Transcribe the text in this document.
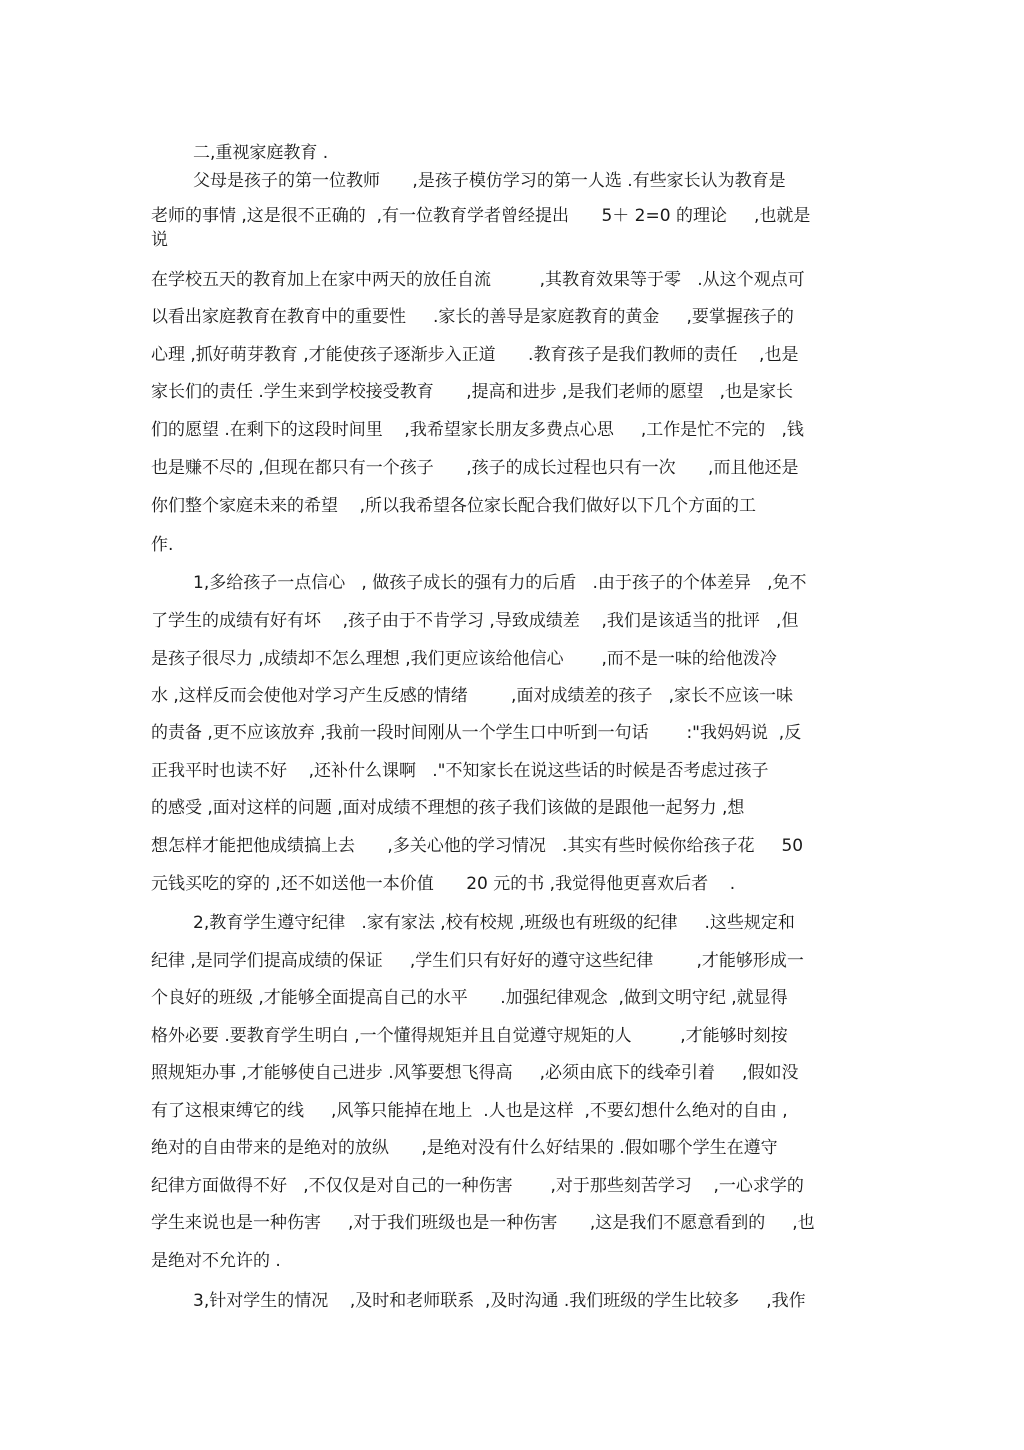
二,重视家庭教育 .
父母是孩子的第一位教师      ,是孩子模仿学习的第一人选 .有些家长认为教育是
老师的事情 ,这是很不正确的  ,有一位教育学者曾经提出      5＋ 2=0 的理论     ,也就是
说
在学校五天的教育加上在家中两天的放任自流         ,其教育效果等于零   .从这个观点可
以看出家庭教育在教育中的重要性     .家长的善导是家庭教育的黄金     ,要掌握孩子的
心理 ,抓好萌芽教育 ,才能使孩子逐渐步入正道      .教育孩子是我们教师的责任    ,也是
家长们的责任 .学生来到学校接受教育      ,提高和进步 ,是我们老师的愿望   ,也是家长
们的愿望 .在剩下的这段时间里    ,我希望家长朋友多费点心思     ,工作是忙不完的   ,钱
也是赚不尽的 ,但现在都只有一个孩子      ,孩子的成长过程也只有一次      ,而且他还是
你们整个家庭未来的希望    ,所以我希望各位家长配合我们做好以下几个方面的工
作.
1,多给孩子一点信心   , 做孩子成长的强有力的后盾   .由于孩子的个体差异   ,免不
了学生的成绩有好有坏    ,孩子由于不肯学习 ,导致成绩差    ,我们是该适当的批评   ,但
是孩子很尽力 ,成绩却不怎么理想 ,我们更应该给他信心       ,而不是一味的给他泼冷
水 ,这样反而会使他对学习产生反感的情绪        ,面对成绩差的孩子   ,家长不应该一味
的责备 ,更不应该放弃 ,我前一段时间刚从一个学生口中听到一句话       :"我妈妈说  ,反
正我平时也读不好    ,还补什么课啊   ."不知家长在说这些话的时候是否考虑过孩子
的感受 ,面对这样的问题 ,面对成绩不理想的孩子我们该做的是跟他一起努力 ,想
想怎样才能把他成绩搞上去      ,多关心他的学习情况   .其实有些时候你给孩子花     50
元钱买吃的穿的 ,还不如送他一本价值      20 元的书 ,我觉得他更喜欢后者    .
2,教育学生遵守纪律   .家有家法 ,校有校规 ,班级也有班级的纪律     .这些规定和
纪律 ,是同学们提高成绩的保证     ,学生们只有好好的遵守这些纪律        ,才能够形成一
个良好的班级 ,才能够全面提高自己的水平      .加强纪律观念  ,做到文明守纪 ,就显得
格外必要 .要教育学生明白 ,一个懂得规矩并且自觉遵守规矩的人         ,才能够时刻按
照规矩办事 ,才能够使自己进步 .风筝要想飞得高     ,必须由底下的线牵引着     ,假如没
有了这根束缚它的线     ,风筝只能掉在地上  .人也是这样  ,不要幻想什么绝对的自由 ,
绝对的自由带来的是绝对的放纵      ,是绝对没有什么好结果的 .假如哪个学生在遵守
纪律方面做得不好   ,不仅仅是对自己的一种伤害       ,对于那些刻苦学习    ,一心求学的
学生来说也是一种伤害     ,对于我们班级也是一种伤害      ,这是我们不愿意看到的     ,也
是绝对不允许的 .
3,针对学生的情况    ,及时和老师联系  ,及时沟通 .我们班级的学生比较多     ,我作
